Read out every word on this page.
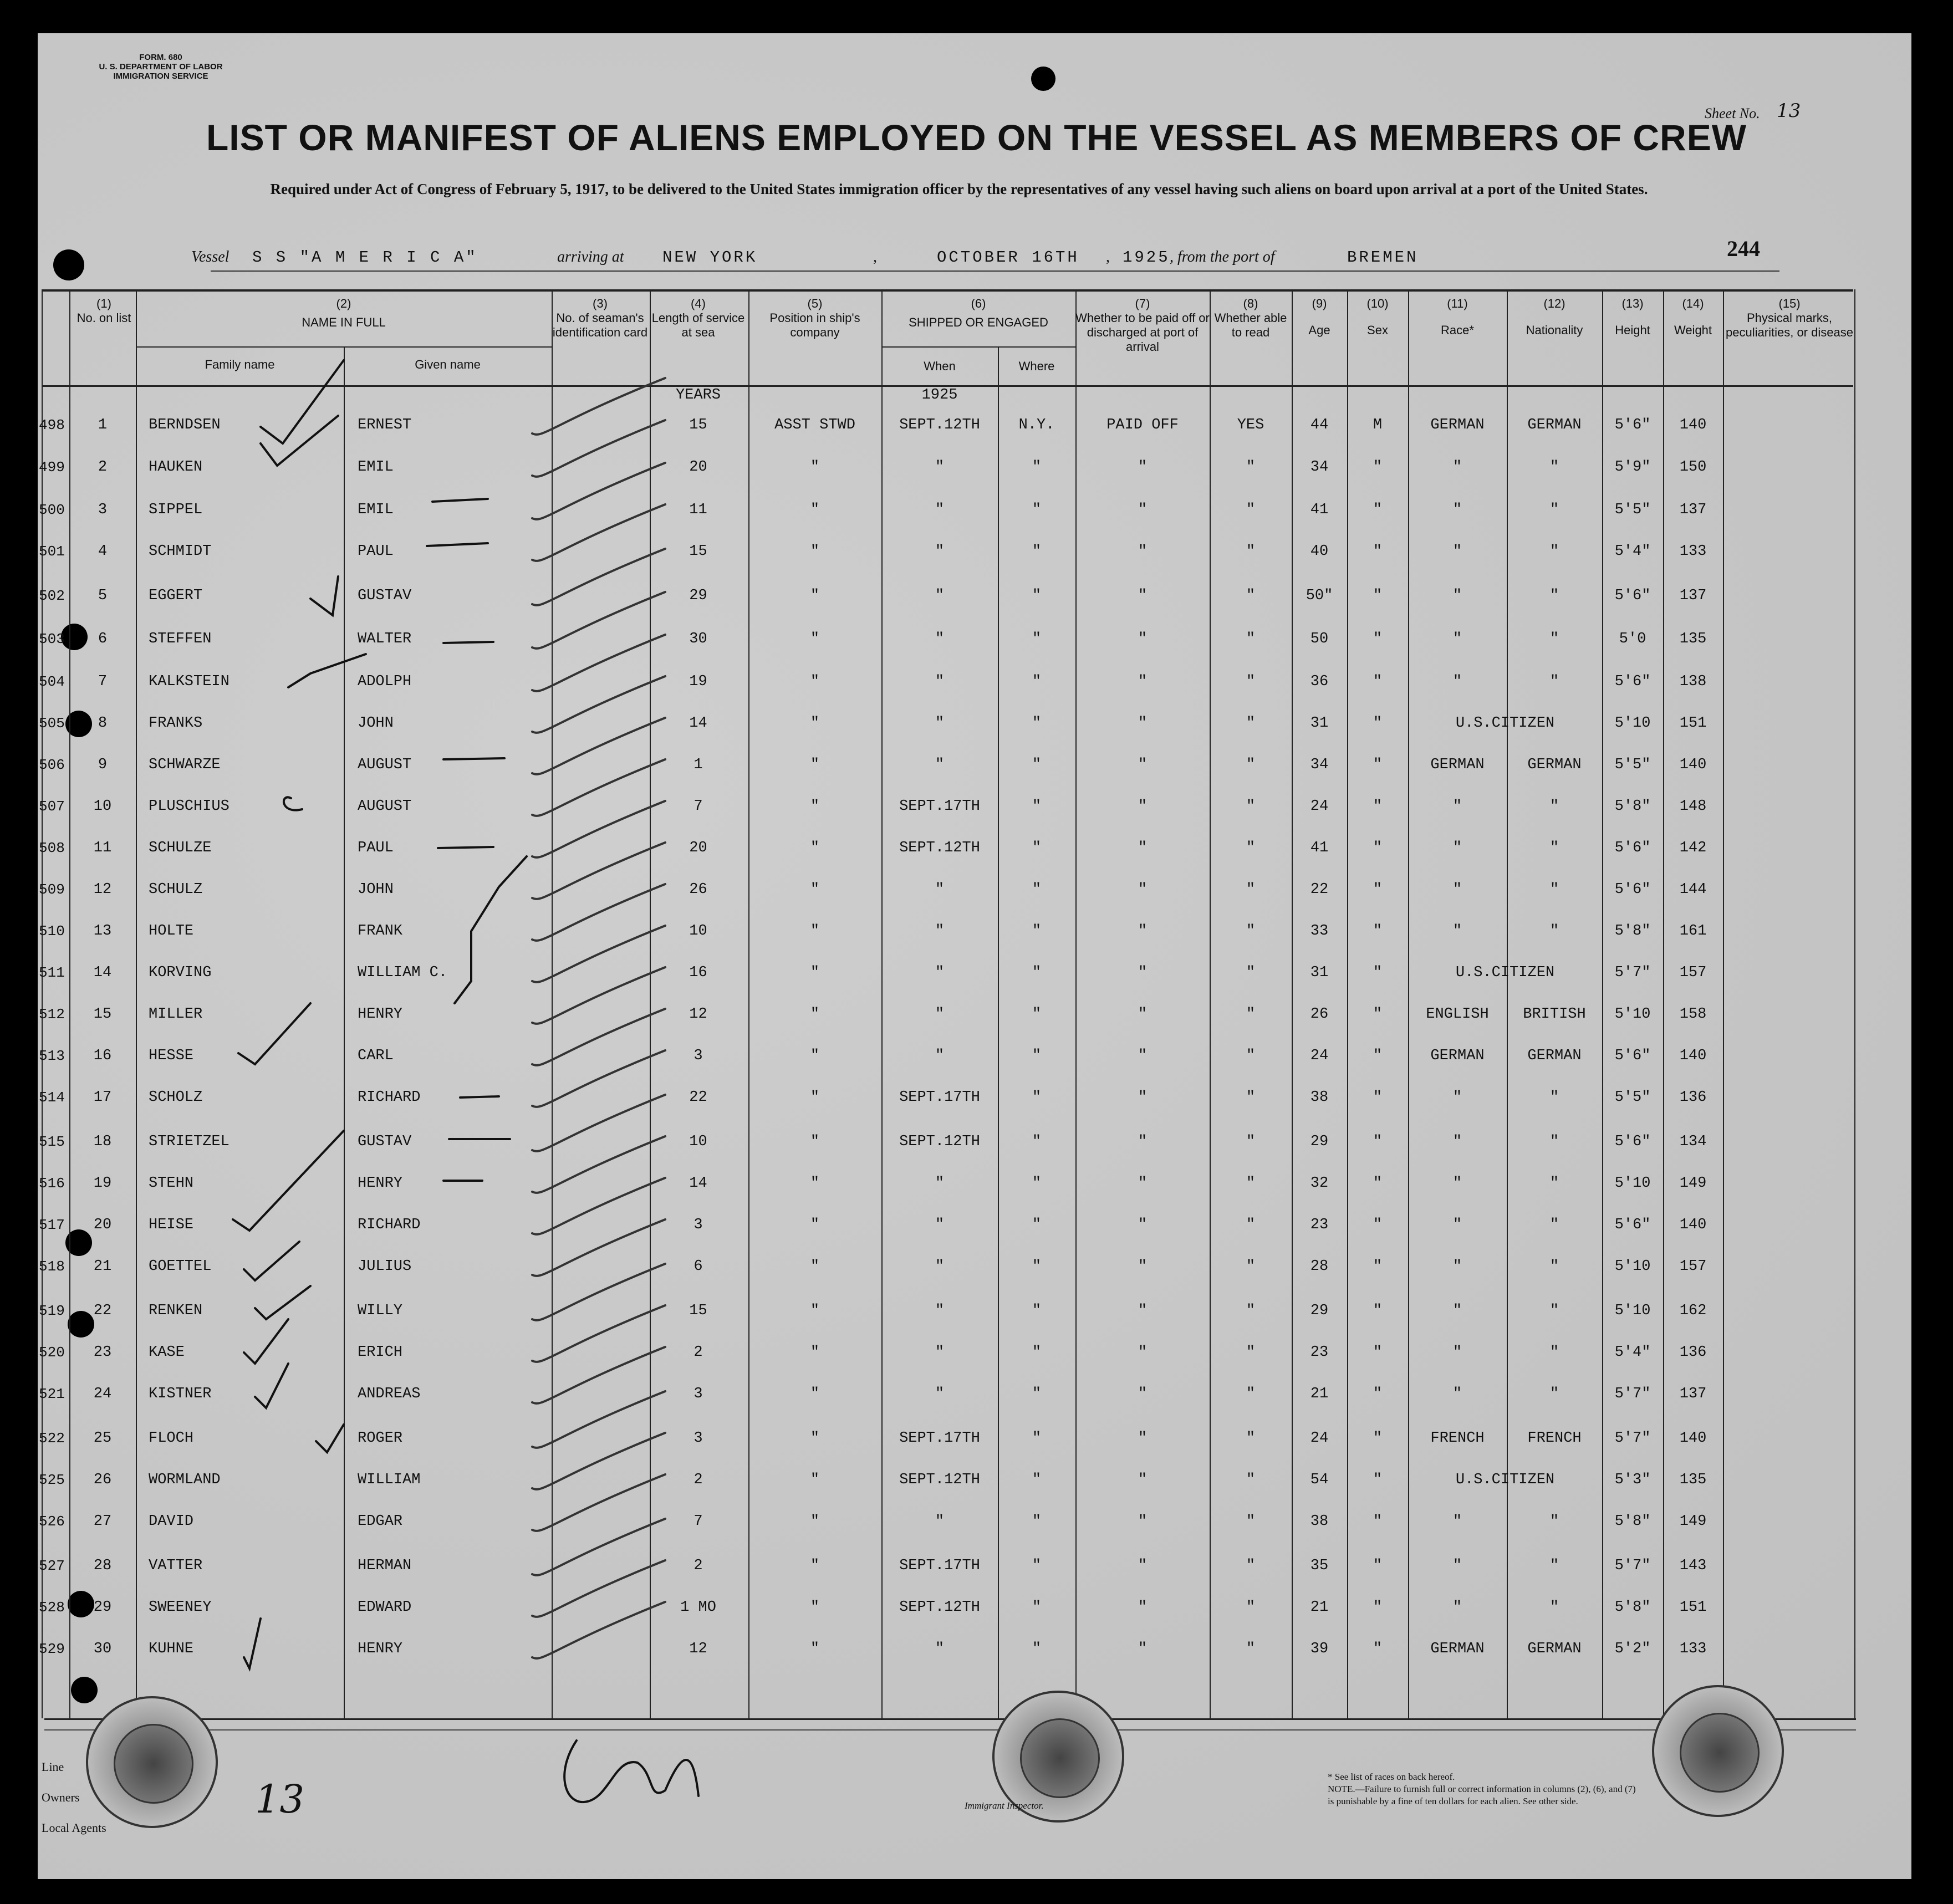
FORM. 680
U. S. DEPARTMENT OF LABOR
IMMIGRATION SERVICE
LIST OR MANIFEST OF ALIENS EMPLOYED ON THE VESSEL AS MEMBERS OF CREW
Sheet No. 13
Required under Act of Congress of February 5, 1917, to be delivered to the United States immigration officer by the representatives of any vessel having such aliens on board upon arrival at a port of the United States.
Vessel S S "A M E R I C A"	arriving at NEW YORK	,	OCTOBER 16TH , 1925 , from the port of	BREMEN	244
(1)
No. on list
(2)
NAME IN FULL
Family name	Given name
(3)
No. of seaman's identification card
(4)
Length of service at sea
(5)
Position in ship's company
(6)
SHIPPED OR ENGAGED
When	Where
(7)
Whether to be paid off or discharged at port of arrival
(8)
Whether able to read
(9)
Age
(10)
Sex
(11)
Race*
(12)
Nationality
(13)
Height
(14)
Weight
(15)
Physical marks, peculiarities, or disease
YEARS	1925
498	1	BERNDSEN	ERNEST	15	ASST STWD	SEPT.12TH	N.Y.	PAID OFF	YES	44	M	GERMAN	GERMAN	5'6"	140
499	2	HAUKEN	EMIL	20	"	"	"	"	"	34	"	"	"	5'9"	150
500	3	SIPPEL	EMIL	11	"	"	"	"	"	41	"	"	"	5'5"	137
501	4	SCHMIDT	PAUL	15	"	"	"	"	"	40	"	"	"	5'4"	133
502	5	EGGERT	GUSTAV	29	"	"	"	"	"	50"	"	"	"	5'6"	137
503	6	STEFFEN	WALTER	30	"	"	"	"	"	50	"	"	"	5'0	135
504	7	KALKSTEIN	ADOLPH	19	"	"	"	"	"	36	"	"	"	5'6"	138
505	8	FRANKS	JOHN	14	"	"	"	"	"	31	"	U.S.CITIZEN	5'10	151
506	9	SCHWARZE	AUGUST	1	"	"	"	"	"	34	"	GERMAN	GERMAN	5'5"	140
507	10	PLUSCHIUS	AUGUST	7	"	SEPT.17TH	"	"	"	24	"	"	"	5'8"	148
508	11	SCHULZE	PAUL	20	"	SEPT.12TH	"	"	"	41	"	"	"	5'6"	142
509	12	SCHULZ	JOHN	26	"	"	"	"	"	22	"	"	"	5'6"	144
510	13	HOLTE	FRANK	10	"	"	"	"	"	33	"	"	"	5'8"	161
511	14	KORVING	WILLIAM C.	16	"	"	"	"	"	31	"	U.S.CITIZEN	5'7"	157
512	15	MILLER	HENRY	12	"	"	"	"	"	26	"	ENGLISH	BRITISH	5'10	158
513	16	HESSE	CARL	3	"	"	"	"	"	24	"	GERMAN	GERMAN	5'6"	140
514	17	SCHOLZ	RICHARD	22	"	SEPT.17TH	"	"	"	38	"	"	"	5'5"	136
515	18	STRIETZEL	GUSTAV	10	"	SEPT.12TH	"	"	"	29	"	"	"	5'6"	134
516	19	STEHN	HENRY	14	"	"	"	"	"	32	"	"	"	5'10	149
517	20	HEISE	RICHARD	3	"	"	"	"	"	23	"	"	"	5'6"	140
518	21	GOETTEL	JULIUS	6	"	"	"	"	"	28	"	"	"	5'10	157
519	22	RENKEN	WILLY	15	"	"	"	"	"	29	"	"	"	5'10	162
520	23	KASE	ERICH	2	"	"	"	"	"	23	"	"	"	5'4"	136
521	24	KISTNER	ANDREAS	3	"	"	"	"	"	21	"	"	"	5'7"	137
522	25	FLOCH	ROGER	3	"	SEPT.17TH	"	"	"	24	"	FRENCH	FRENCH	5'7"	140
525	26	WORMLAND	WILLIAM	2	"	SEPT.12TH	"	"	"	54	"	U.S.CITIZEN	5'3"	135
526	27	DAVID	EDGAR	7	"	"	"	"	"	38	"	"	"	5'8"	149
527	28	VATTER	HERMAN	2	"	SEPT.17TH	"	"	"	35	"	"	"	5'7"	143
528	29	SWEENEY	EDWARD	1 MO	"	SEPT.12TH	"	"	"	21	"	"	"	5'8"	151
529	30	KUHNE	HENRY	12	"	"	"	"	"	39	"	GERMAN	GERMAN	5'2"	133
13
Line
Owners
Local Agents
Immigrant Inspector.
* See list of races on back hereof.
NOTE.—Failure to furnish full or correct information in columns (2), (6), and (7)
is punishable by a fine of ten dollars for each alien. See other side.
